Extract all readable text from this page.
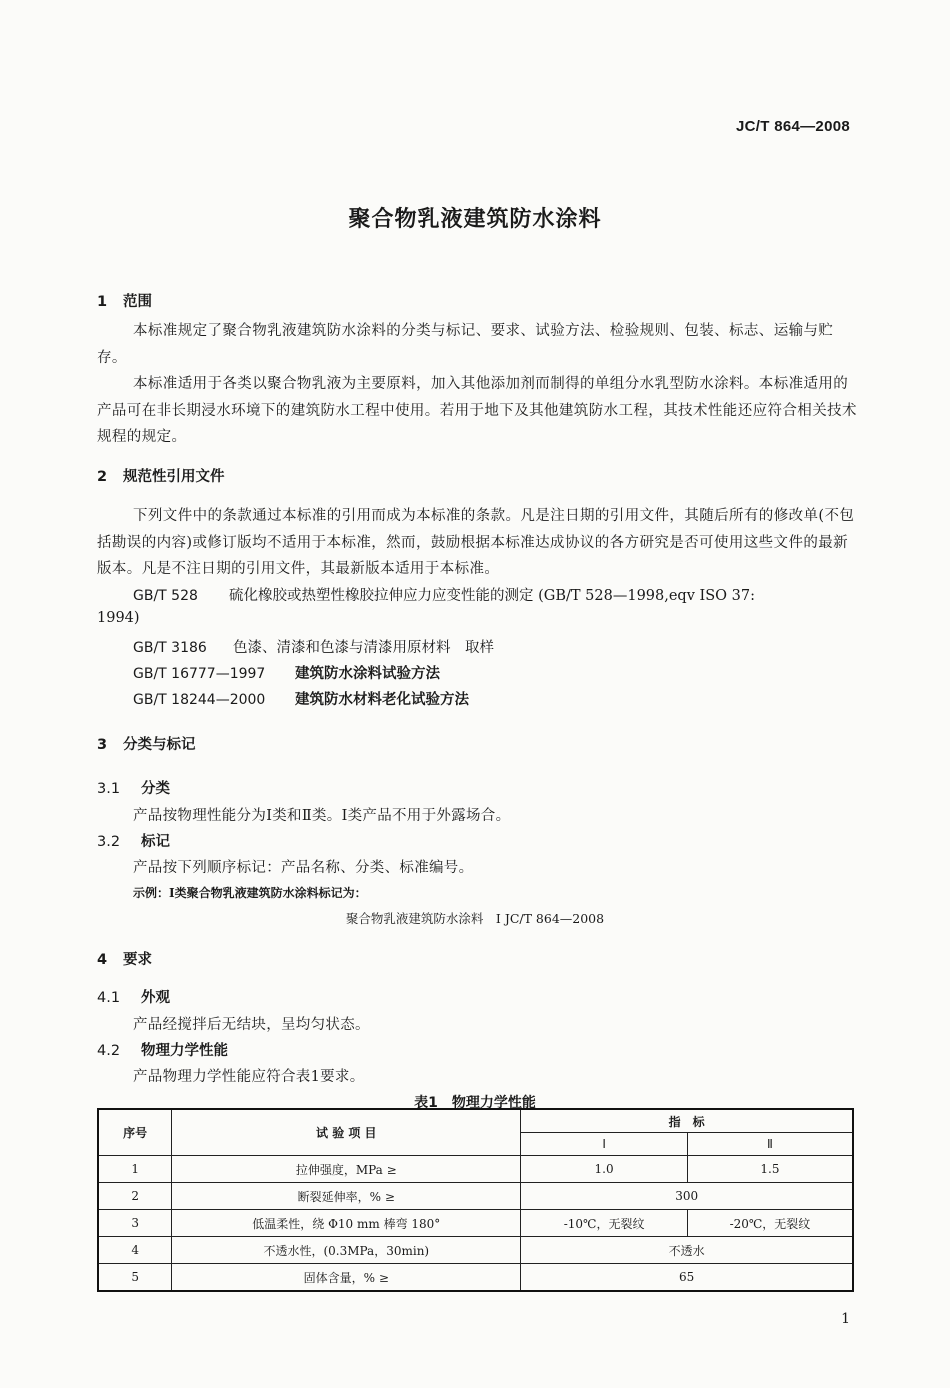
JC/T 864—2008
聚合物乳液建筑防水涂料
1 范围
本标准规定了聚合物乳液建筑防水涂料的分类与标记、要求、试验方法、检验规则、包装、标志、运输与贮存。
本标准适用于各类以聚合物乳液为主要原料，加入其他添加剂而制得的单组分水乳型防水涂料。本标准适用的产品可在非长期浸水环境下的建筑防水工程中使用。若用于地下及其他建筑防水工程，其技术性能还应符合相关技术规程的规定。
2 规范性引用文件
下列文件中的条款通过本标准的引用而成为本标准的条款。凡是注日期的引用文件，其随后所有的修改单(不包括勘误的内容)或修订版均不适用于本标准，然而，鼓励根据本标准达成协议的各方研究是否可使用这些文件的最新版本。凡是不注日期的引用文件，其最新版本适用于本标准。
GB/T 528 硫化橡胶或热塑性橡胶拉伸应力应变性能的测定 (GB/T 528—1998,eqv ISO 37:
1994)
GB/T 3186 色漆、清漆和色漆与清漆用原材料　取样
GB/T 16777—1997 建筑防水涂料试验方法
GB/T 18244—2000 建筑防水材料老化试验方法
3 分类与标记
3.1 分类
产品按物理性能分为Ⅰ类和Ⅱ类。Ⅰ类产品不用于外露场合。
3.2 标记
产品按下列顺序标记：产品名称、分类、标准编号。
示例：Ⅰ类聚合物乳液建筑防水涂料标记为：
聚合物乳液建筑防水涂料　Ⅰ JC/T 864—2008
4 要求
4.1 外观
产品经搅拌后无结块，呈均匀状态。
4.2 物理力学性能
产品物理力学性能应符合表1要求。
表1　物理力学性能
序号	试 验 项 目	指　标	
		Ⅰ	Ⅱ
1	拉伸强度，MPa ≥	1.0	1.5
2	断裂延伸率，% ≥	300	
3	低温柔性，绕 Φ10 mm 棒弯 180°	-10℃，无裂纹	-20℃，无裂纹
4	不透水性，(0.3MPa，30min)	不透水	
5	固体含量，% ≥	65	
1
